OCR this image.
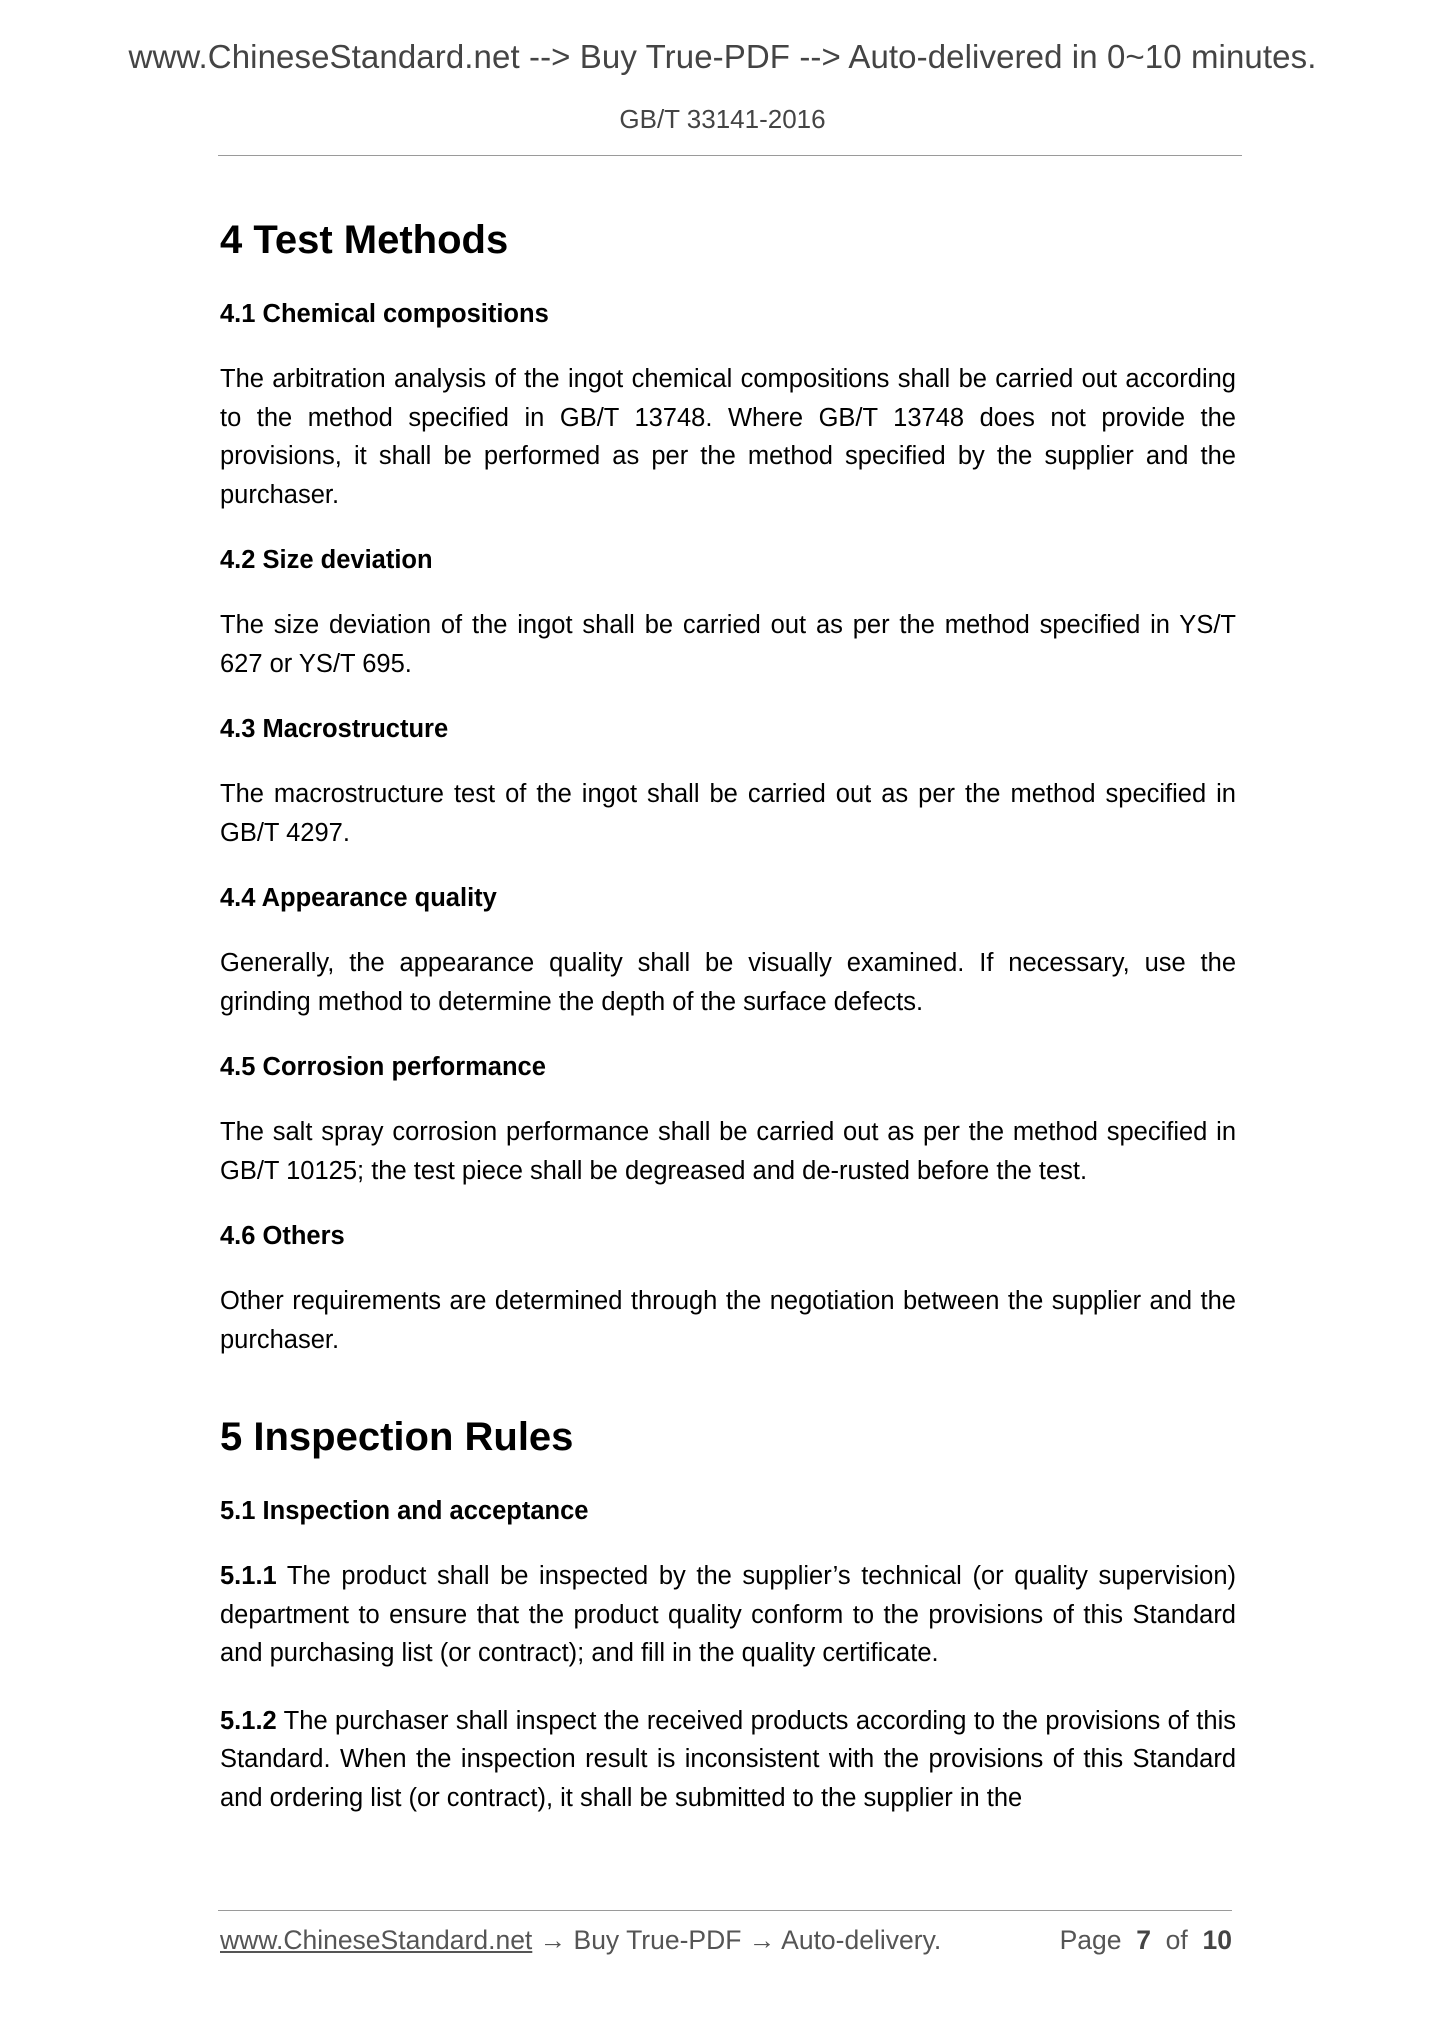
www.ChineseStandard.net --> Buy True-PDF --> Auto-delivered in 0~10 minutes.
GB/T 33141-2016
4 Test Methods
4.1 Chemical compositions

The arbitration analysis of the ingot chemical compositions shall be carried out according to the method specified in GB/T 13748. Where GB/T 13748 does not provide the provisions, it shall be performed as per the method specified by the supplier and the purchaser.

4.2 Size deviation

The size deviation of the ingot shall be carried out as per the method specified in YS/T 627 or YS/T 695.

4.3 Macrostructure

The macrostructure test of the ingot shall be carried out as per the method specified in GB/T 4297.

4.4 Appearance quality

Generally, the appearance quality shall be visually examined. If necessary, use the grinding method to determine the depth of the surface defects.

4.5 Corrosion performance

The salt spray corrosion performance shall be carried out as per the method specified in GB/T 10125; the test piece shall be degreased and de-rusted before the test.

4.6 Others

Other requirements are determined through the negotiation between the supplier and the purchaser.

5 Inspection Rules
5.1 Inspection and acceptance

5.1.1 The product shall be inspected by the supplier’s technical (or quality supervision) department to ensure that the product quality conform to the provisions of this Standard and purchasing list (or contract); and fill in the quality certificate.

5.1.2 The purchaser shall inspect the received products according to the provisions of this Standard. When the inspection result is inconsistent with the provisions of this Standard and ordering list (or contract), it shall be submitted to the supplier in the

www.ChineseStandard.net → Buy True-PDF → Auto-delivery.	Page 7 of 10
